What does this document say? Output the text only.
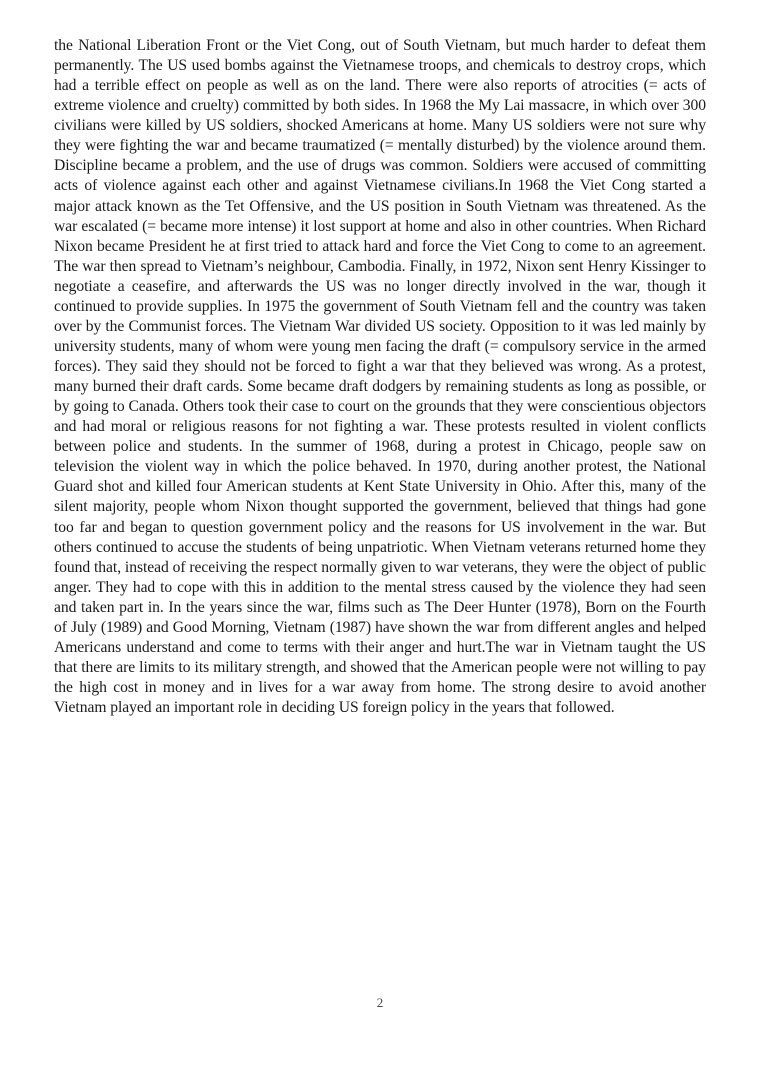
the National Liberation Front or the Viet Cong, out of South Vietnam, but much harder to defeat them permanently. The US used bombs against the Vietnamese troops, and chemicals to destroy crops, which had a terrible effect on people as well as on the land. There were also reports of atrocities (= acts of extreme violence and cruelty) committed by both sides. In 1968 the My Lai massacre, in which over 300 civilians were killed by US soldiers, shocked Americans at home. Many US soldiers were not sure why they were fighting the war and became traumatized (= mentally disturbed) by the violence around them. Discipline became a problem, and the use of drugs was common. Soldiers were accused of committing acts of violence against each other and against Vietnamese civilians.In 1968 the Viet Cong started a major attack known as the Tet Offensive, and the US position in South Vietnam was threatened. As the war escalated (= became more intense) it lost support at home and also in other countries. When Richard Nixon became President he at first tried to attack hard and force the Viet Cong to come to an agreement. The war then spread to Vietnam’s neighbour, Cambodia. Finally, in 1972, Nixon sent Henry Kissinger to negotiate a ceasefire, and afterwards the US was no longer directly involved in the war, though it continued to provide supplies. In 1975 the government of South Vietnam fell and the country was taken over by the Communist forces. The Vietnam War divided US society. Opposition to it was led mainly by university students, many of whom were young men facing the draft (= compulsory service in the armed forces). They said they should not be forced to fight a war that they believed was wrong. As a protest, many burned their draft cards. Some became draft dodgers by remaining students as long as possible, or by going to Canada. Others took their case to court on the grounds that they were conscientious objectors and had moral or religious reasons for not fighting a war. These protests resulted in violent conflicts between police and students. In the summer of 1968, during a protest in Chicago, people saw on television the violent way in which the police behaved. In 1970, during another protest, the National Guard shot and killed four American students at Kent State University in Ohio. After this, many of the silent majority, people whom Nixon thought supported the government, believed that things had gone too far and began to question government policy and the reasons for US involvement in the war. But others continued to accuse the students of being unpatriotic. When Vietnam veterans returned home they found that, instead of receiving the respect normally given to war veterans, they were the object of public anger. They had to cope with this in addition to the mental stress caused by the violence they had seen and taken part in. In the years since the war, films such as The Deer Hunter (1978), Born on the Fourth of July (1989) and Good Morning, Vietnam (1987) have shown the war from different angles and helped Americans understand and come to terms with their anger and hurt.The war in Vietnam taught the US that there are limits to its military strength, and showed that the American people were not willing to pay the high cost in money and in lives for a war away from home. The strong desire to avoid another Vietnam played an important role in deciding US foreign policy in the years that followed.

2
